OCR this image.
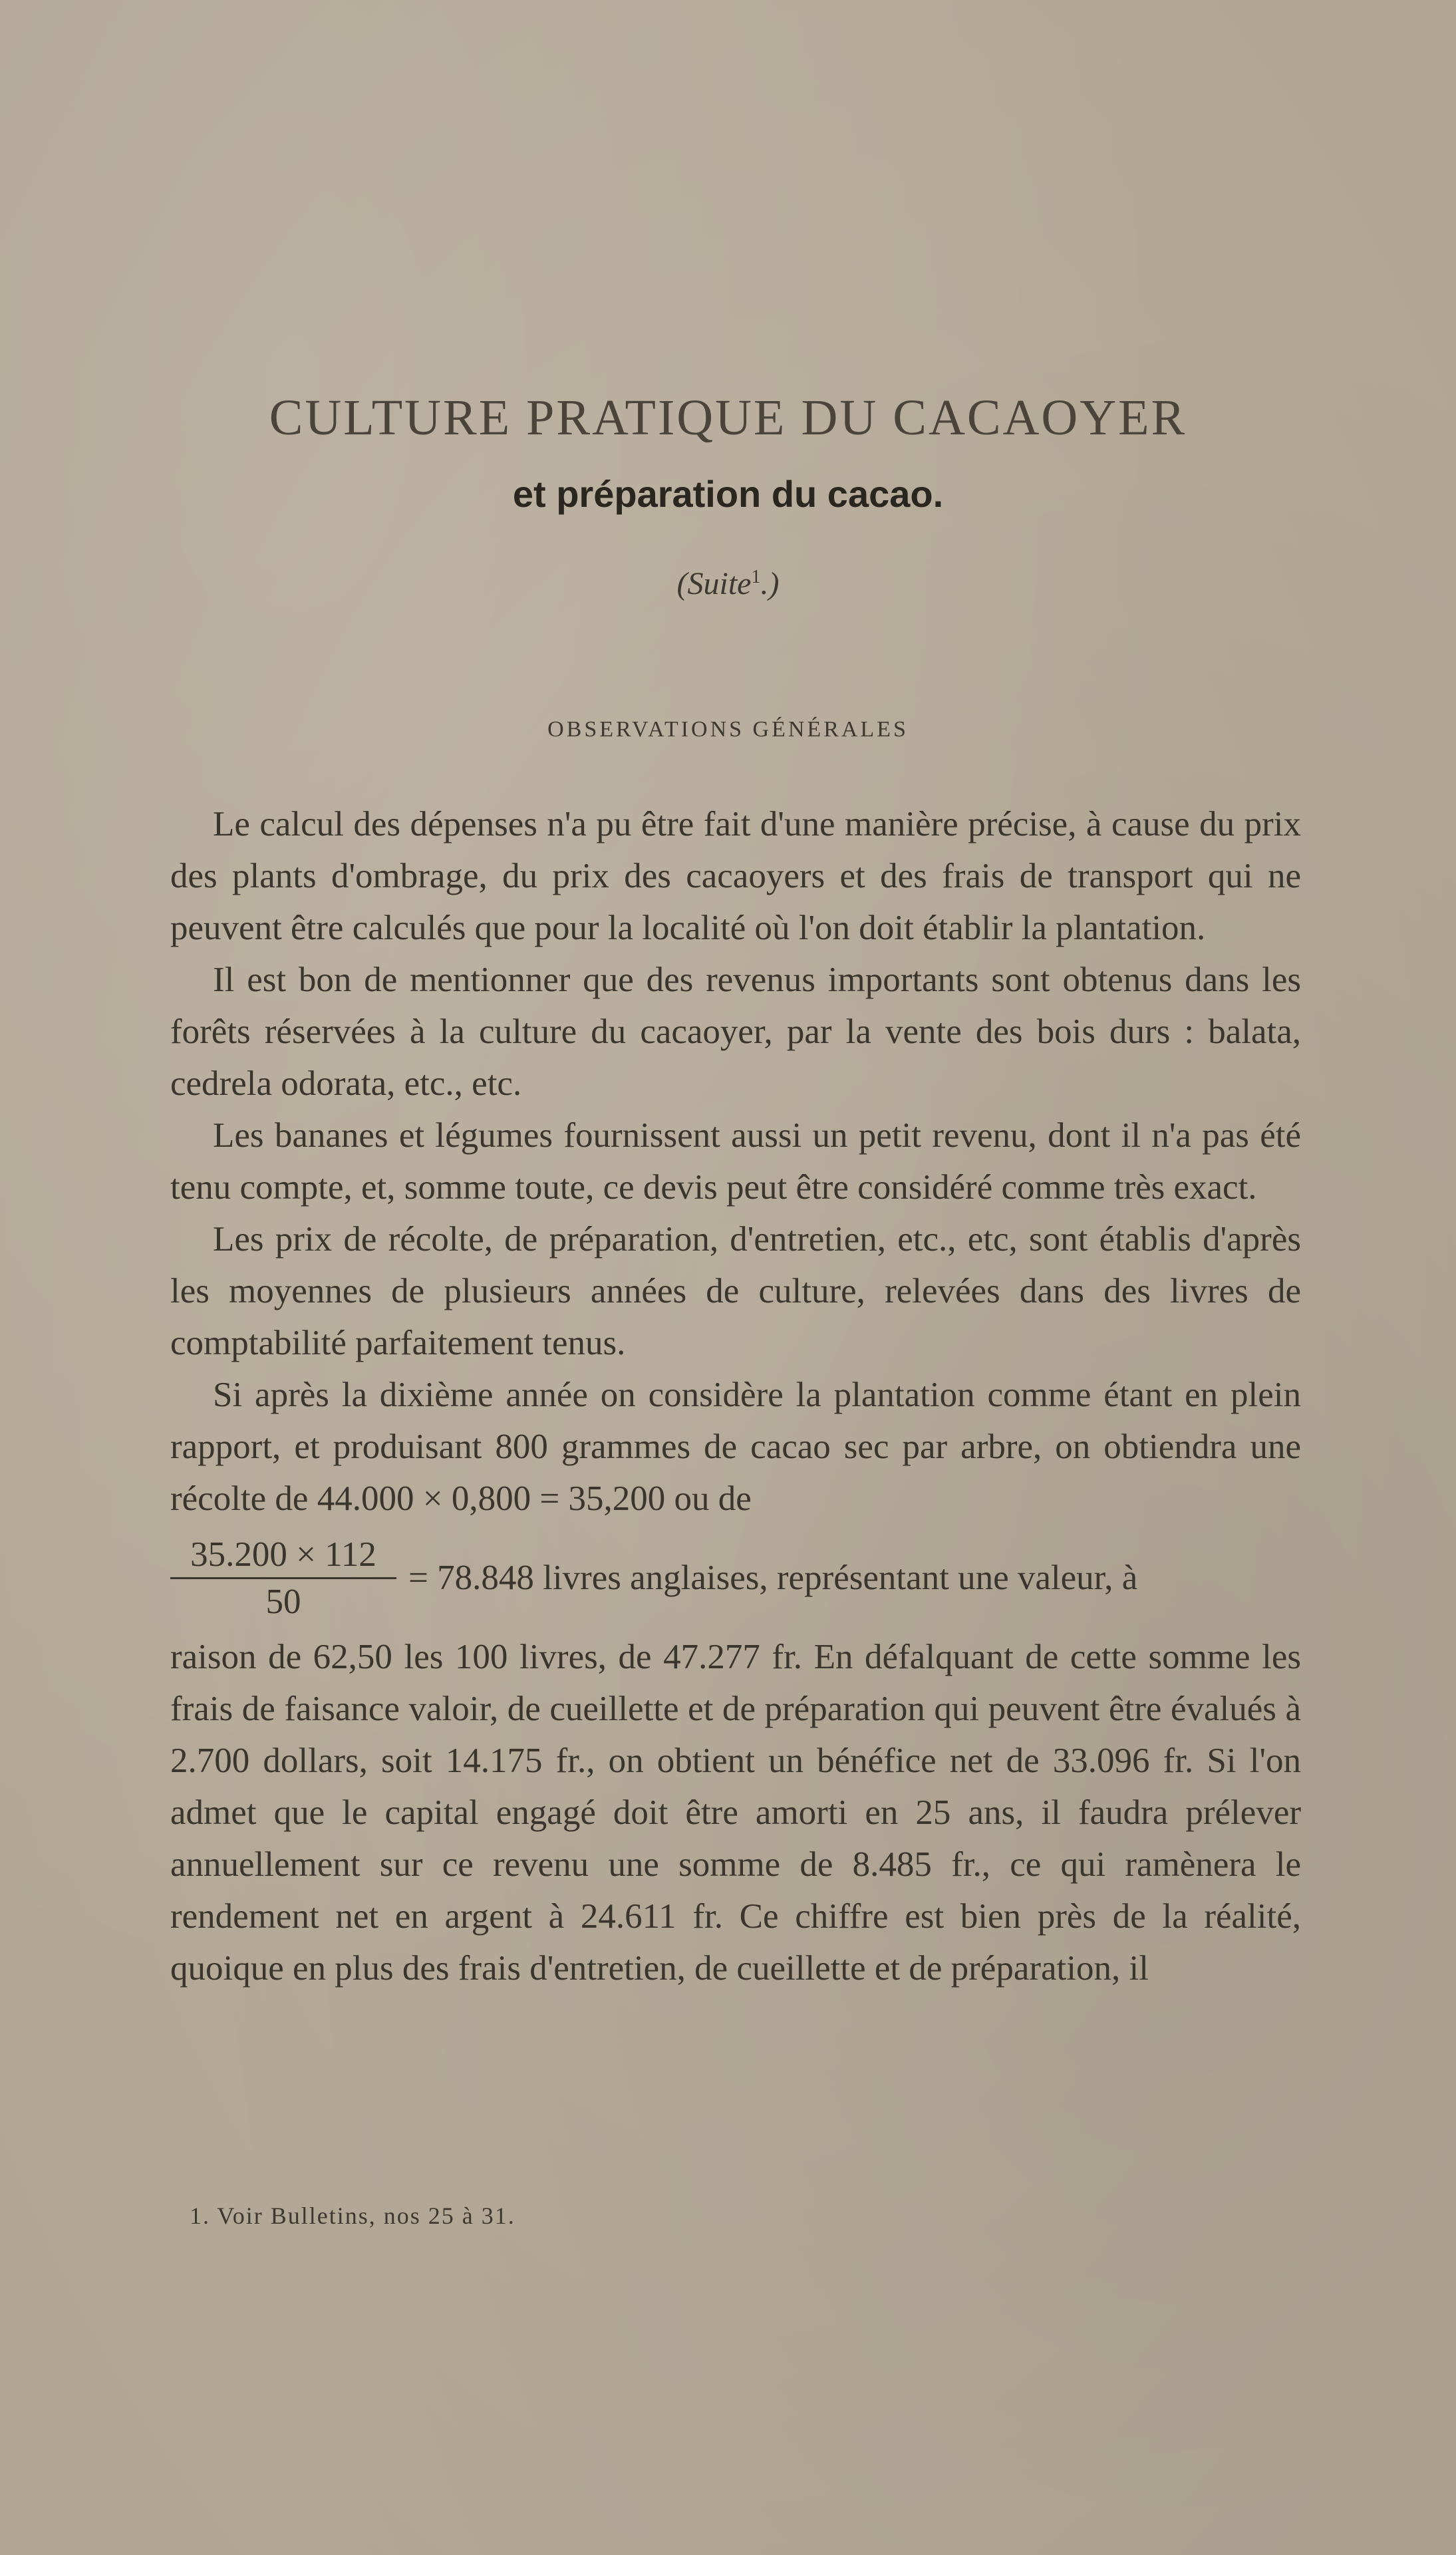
CULTURE PRATIQUE DU CACAOYER
et préparation du cacao.
(Suite$^1$.)
OBSERVATIONS GÉNÉRALES

Le calcul des dépenses n'a pu être fait d'une manière précise, à cause du prix des plants d'ombrage, du prix des cacaoyers et des frais de transport qui ne peuvent être calculés que pour la localité où l'on doit établir la plantation.

Il est bon de mentionner que des revenus importants sont obtenus dans les forêts réservées à la culture du cacaoyer, par la vente des bois durs : balata, cedrela odorata, etc., etc.

Les bananes et légumes fournissent aussi un petit revenu, dont il n'a pas été tenu compte, et, somme toute, ce devis peut être considéré comme très exact.

Les prix de récolte, de préparation, d'entretien, etc., etc, sont établis d'après les moyennes de plusieurs années de culture, relevées dans des livres de comptabilité parfaitement tenus.

Si après la dixième année on considère la plantation comme étant en plein rapport, et produisant 800 grammes de cacao sec par arbre, on obtiendra une récolte de 44.000 × 0,800 = 35,200 ou de

$\frac{35.200 \times 112}{50} = 78.848$ livres anglaises, représentant une valeur, à

raison de 62,50 les 100 livres, de 47.277 fr. En défalquant de cette somme les frais de faisance valoir, de cueillette et de préparation qui peuvent être évalués à 2.700 dollars, soit 14.175 fr., on obtient un bénéfice net de 33.096 fr. Si l'on admet que le capital engagé doit être amorti en 25 ans, il faudra prélever annuellement sur ce revenu une somme de 8.485 fr., ce qui ramènera le rendement net en argent à 24.611 fr. Ce chiffre est bien près de la réalité, quoique en plus des frais d'entretien, de cueillette et de préparation, il

1. Voir Bulletins, nos 25 à 31.
